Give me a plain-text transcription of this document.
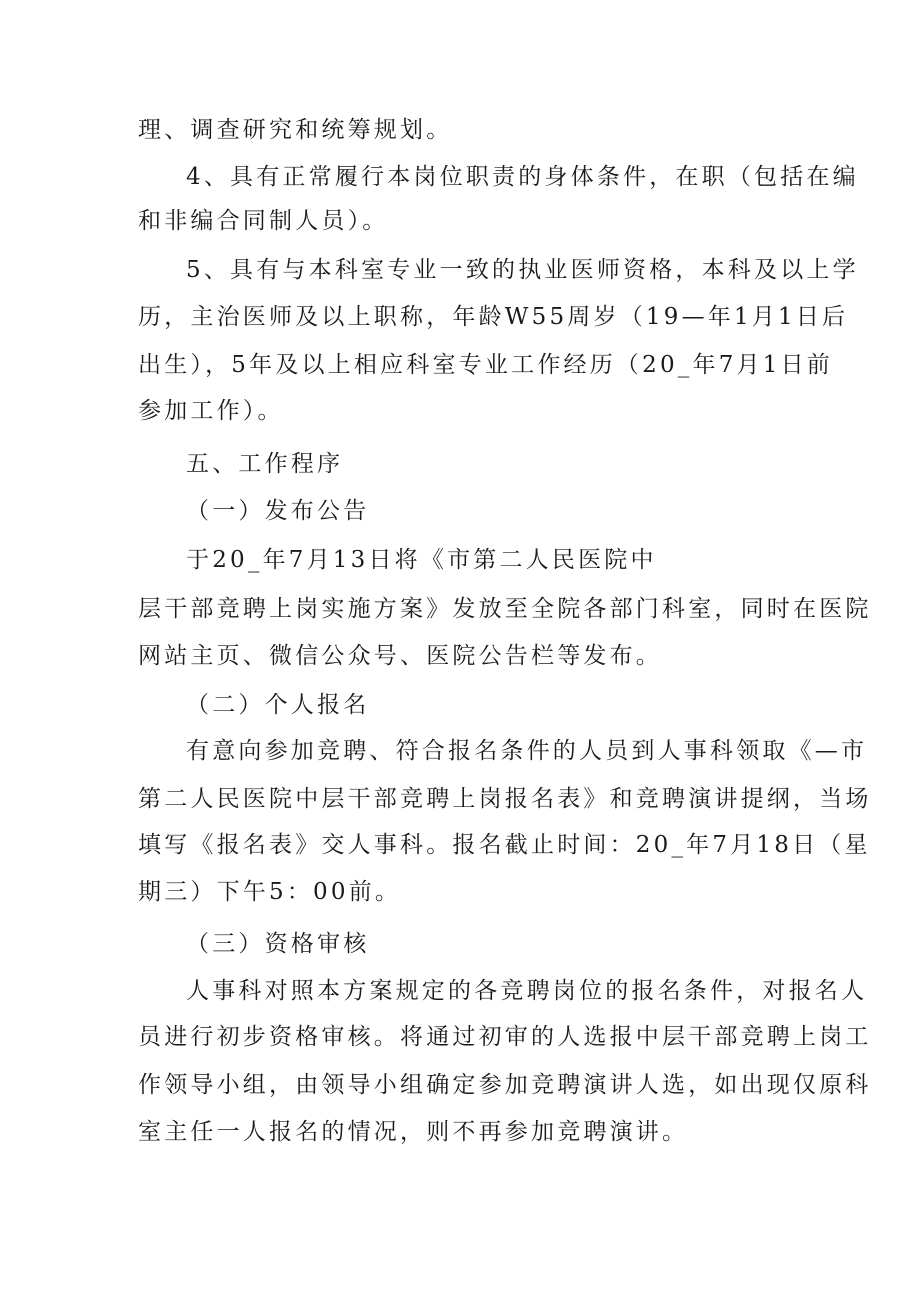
理、调查研究和统筹规划。
4、具有正常履行本岗位职责的身体条件，在职（包括在编
和非编合同制人员）。
5、具有与本科室专业一致的执业医师资格，本科及以上学
历，主治医师及以上职称，年龄W55周岁（19—年1月1日后
出生），5年及以上相应科室专业工作经历（20_年7月1日前
参加工作）。
五、工作程序
（一）发布公告
于20_年7月13日将《市第二人民医院中
层干部竞聘上岗实施方案》发放至全院各部门科室，同时在医院
网站主页、微信公众号、医院公告栏等发布。
（二）个人报名
有意向参加竞聘、符合报名条件的人员到人事科领取《—市
第二人民医院中层干部竞聘上岗报名表》和竞聘演讲提纲，当场
填写《报名表》交人事科。报名截止时间：20_年7月18日（星
期三）下午5：00前。
（三）资格审核
人事科对照本方案规定的各竞聘岗位的报名条件，对报名人
员进行初步资格审核。将通过初审的人选报中层干部竞聘上岗工
作领导小组，由领导小组确定参加竞聘演讲人选，如出现仅原科
室主任一人报名的情况，则不再参加竞聘演讲。
